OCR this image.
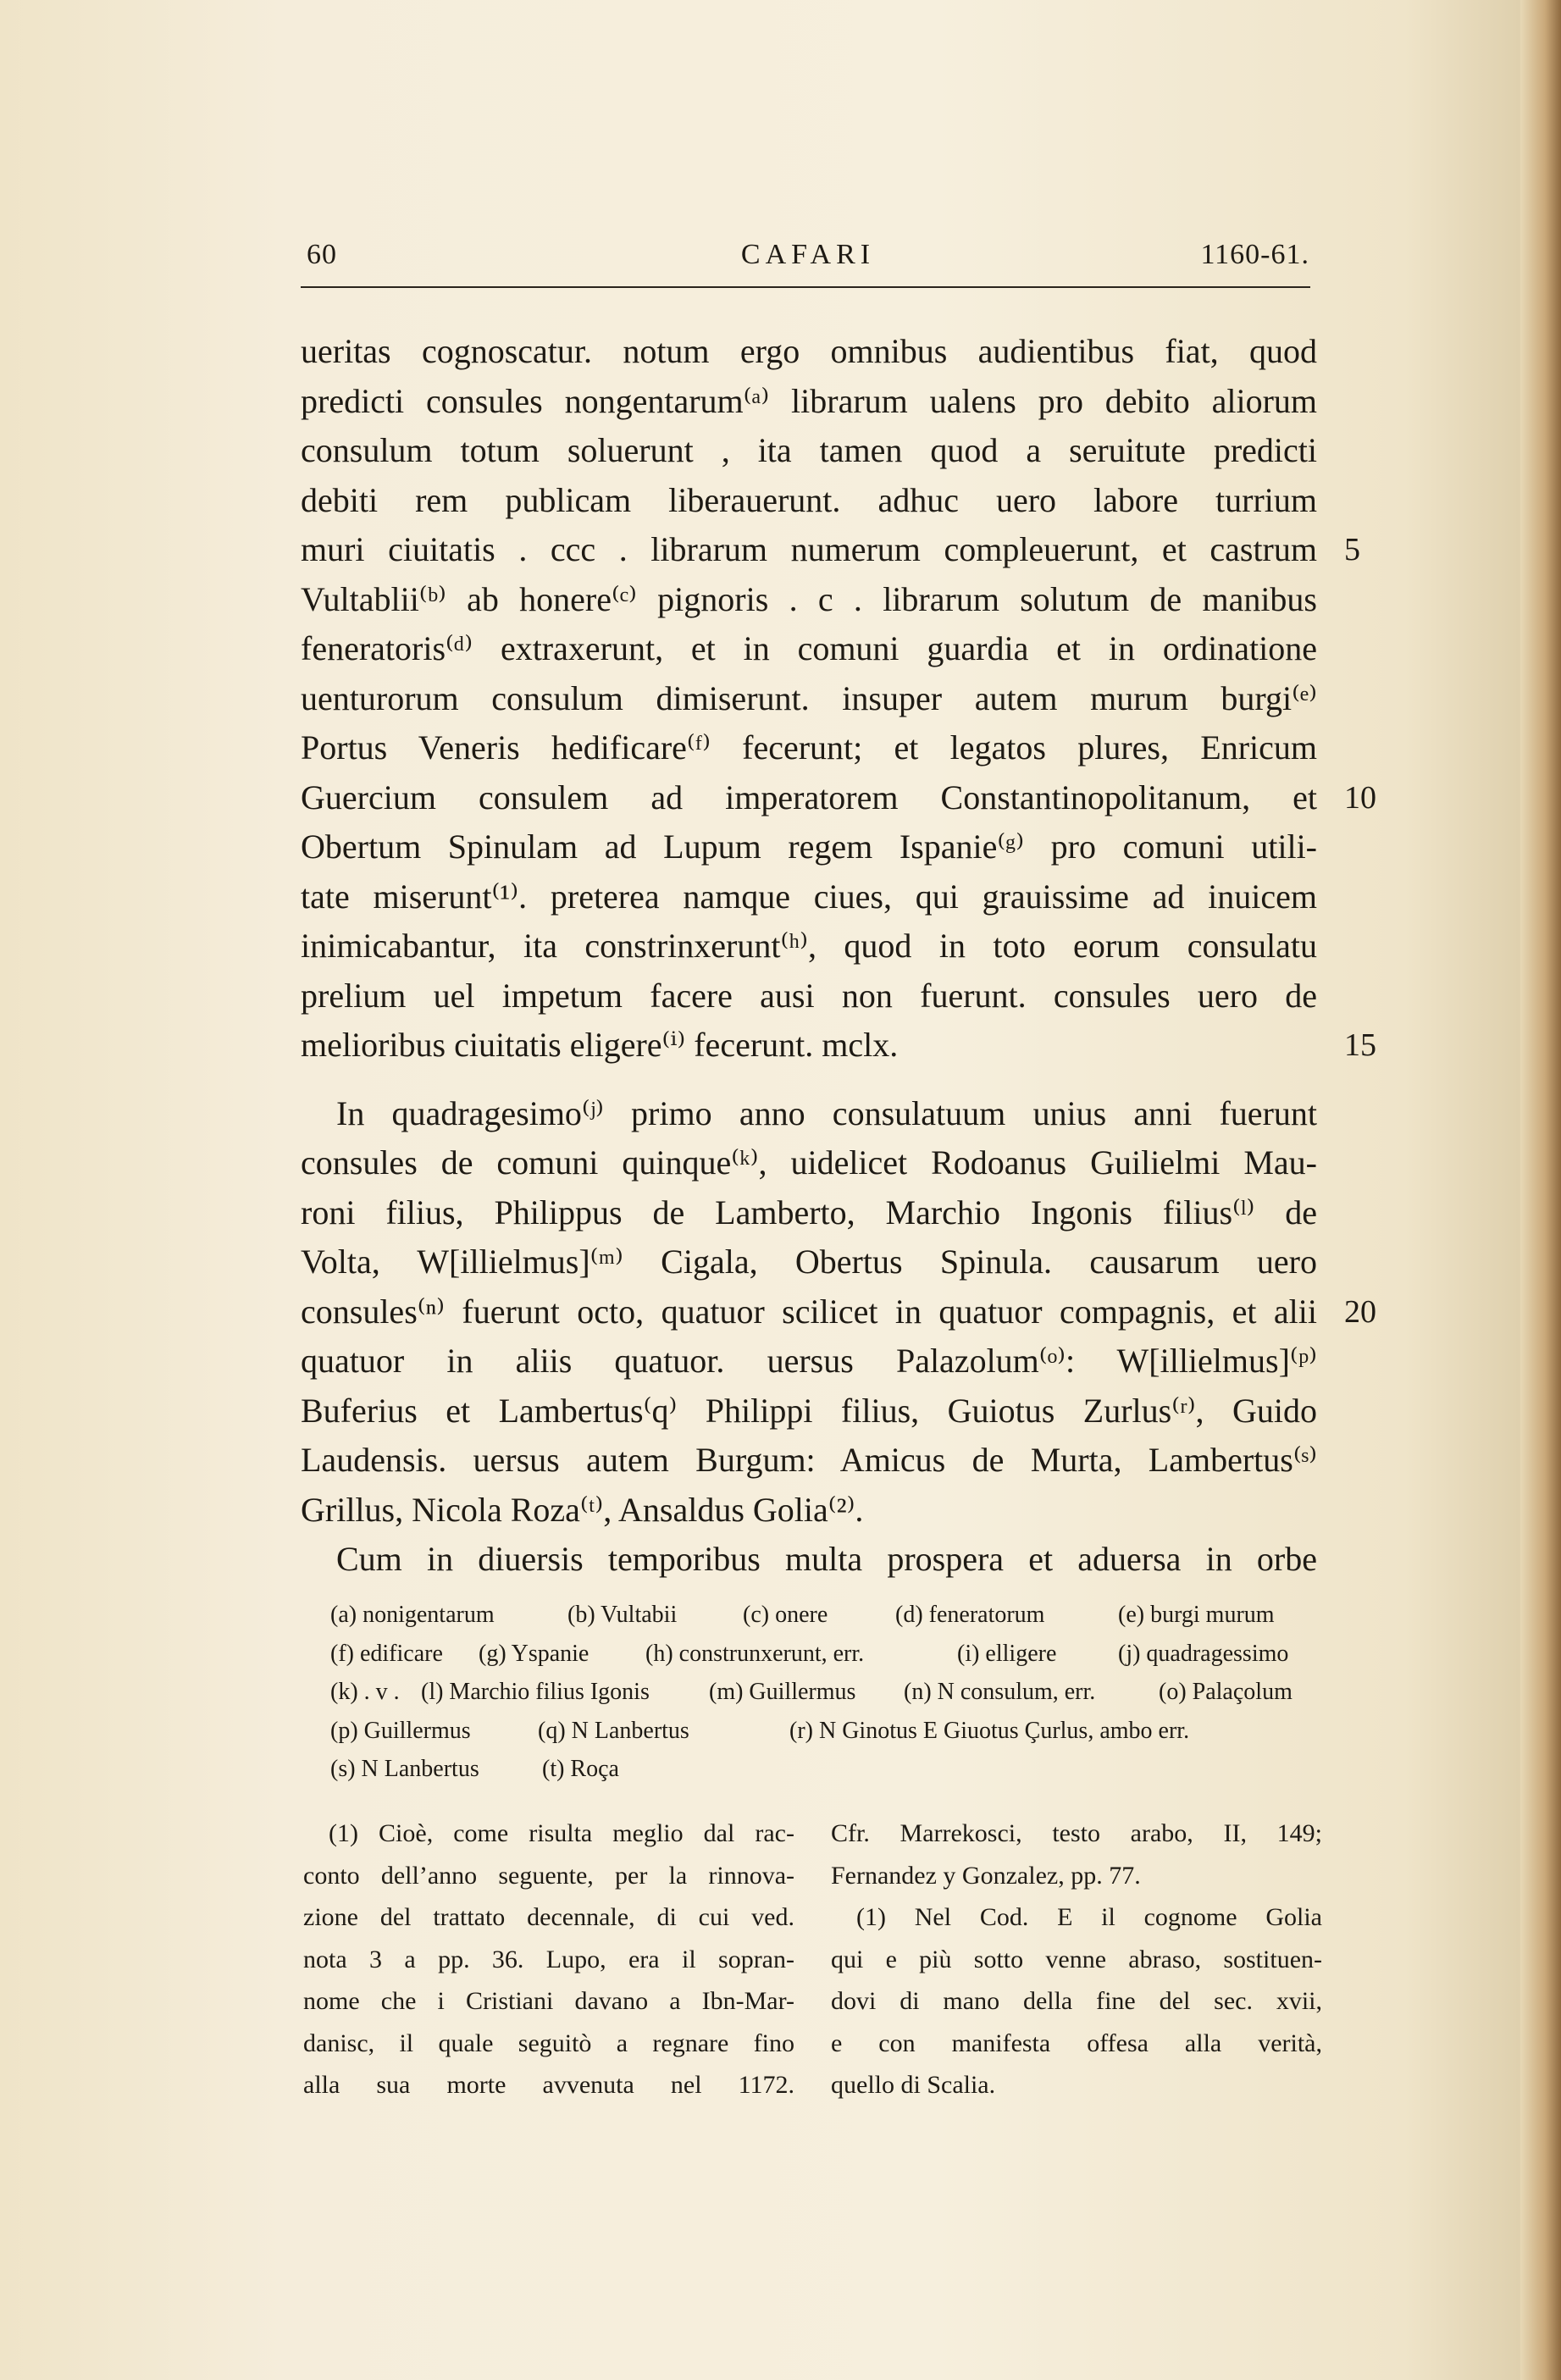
60	CAFARI	1160-61.
ueritas cognoscatur. notum ergo omnibus audientibus fiat, quod
predicti consules nongentarum⁽ᵃ⁾ librarum ualens pro debito aliorum
consulum totum soluerunt , ita tamen quod a seruitute predicti
debiti rem publicam liberauerunt. adhuc uero labore turrium
muri ciuitatis . ccc . librarum numerum compleuerunt, et castrum 5
Vultablii⁽ᵇ⁾ ab honere⁽ᶜ⁾ pignoris . c . librarum solutum de manibus
feneratoris⁽ᵈ⁾ extraxerunt, et in comuni guardia et in ordinatione
uenturorum consulum dimiserunt. insuper autem murum burgi⁽ᵉ⁾
Portus Veneris hedificare⁽ᶠ⁾ fecerunt; et legatos plures, Enricum
Guercium consulem ad imperatorem Constantinopolitanum, et 10
Obertum Spinulam ad Lupum regem Ispanie⁽ᵍ⁾ pro comuni utili-
tate miserunt⁽¹⁾. preterea namque ciues, qui grauissime ad inuicem
inimicabantur, ita constrinxerunt⁽ʰ⁾, quod in toto eorum consulatu
prelium uel impetum facere ausi non fuerunt. consules uero de
melioribus ciuitatis eligere⁽ⁱ⁾ fecerunt. mclx.	15
In quadragesimo⁽ʲ⁾ primo anno consulatuum unius anni fuerunt
consules de comuni quinque⁽ᵏ⁾, uidelicet Rodoanus Guilielmi Mau-
roni filius, Philippus de Lamberto, Marchio Ingonis filius⁽ˡ⁾ de
Volta, W[illielmus]⁽ᵐ⁾ Cigala, Obertus Spinula. causarum uero
consules⁽ⁿ⁾ fuerunt octo, quatuor scilicet in quatuor compagnis, et alii 20
quatuor in aliis quatuor. uersus Palazolum⁽ᵒ⁾: W[illielmus]⁽ᵖ⁾
Buferius et Lambertus⁽q⁾ Philippi filius, Guiotus Zurlus⁽ʳ⁾, Guido
Laudensis. uersus autem Burgum: Amicus de Murta, Lambertus⁽ˢ⁾
Grillus, Nicola Roza⁽ᵗ⁾, Ansaldus Golia⁽²⁾.
Cum in diuersis temporibus multa prospera et aduersa in orbe
(a) nonigentarum	(b) Vultabii	(c) onere	(d) feneratorum	(e) burgi murum
(f) edificare (g) Yspanie (h) construnxerunt, err.	(i) elligere	(j) quadragessimo
(k) . v . (l) Marchio filius Igonis	(m) Guillermus (n) N consulum, err.	(o) Palaçolum
(p) Guillermus	(q) N Lanbertus	(r) N Ginotus E Giuotus Çurlus, ambo err.
(s) N Lanbertus	(t) Roça
(1) Cioè, come risulta meglio dal rac-
conto dell’anno seguente, per la rinnova-
zione del trattato decennale, di cui ved.
nota 3 a pp. 36. Lupo, era il sopran-
nome che i Cristiani davano a Ibn-Mar-
danisc, il quale seguitò a regnare fino
alla sua morte avvenuta nel 1172.
Cfr. Marrekosci, testo arabo, II, 149;
Fernandez y Gonzalez, pp. 77.
(1) Nel Cod. E il cognome Golia
qui e più sotto venne abraso, sostituen-
dovi di mano della fine del sec. xvii,
e con manifesta offesa alla verità,
quello di Scalia.
